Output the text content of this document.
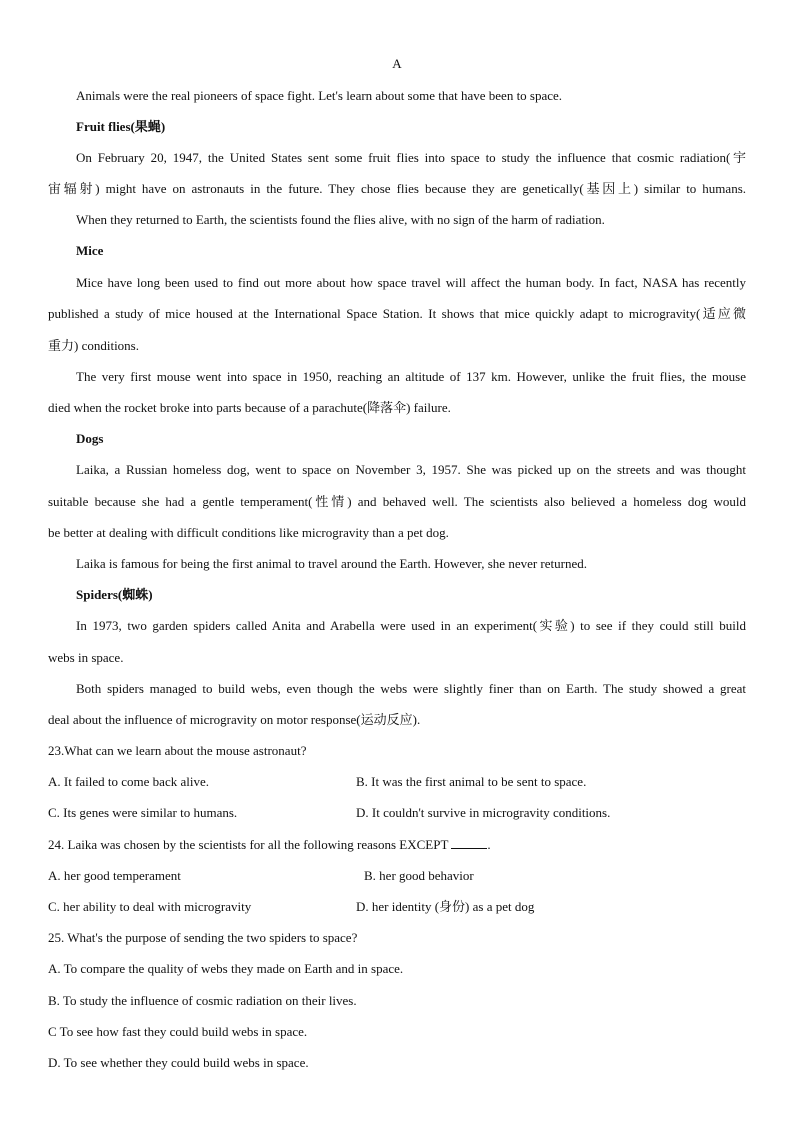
A
Animals were the real pioneers of space fight. Let's learn about some that have been to space.
Fruit flies(果蝇)
On February 20, 1947, the United States sent some fruit flies into space to study the influence that cosmic radiation(宇
宙辐射) might have on astronauts in the future. They chose flies because they are genetically(基因上) similar to humans.
When they returned to Earth, the scientists found the flies alive, with no sign of the harm of radiation.
Mice
Mice have long been used to find out more about how space travel will affect the human body. In fact, NASA has recently
published a study of mice housed at the International Space Station. It shows that mice quickly adapt to microgravity(适应微
重力) conditions.
The very first mouse went into space in 1950, reaching an altitude of 137 km. However, unlike the fruit flies, the mouse
died when the rocket broke into parts because of a parachute(降落伞) failure.
Dogs
Laika, a Russian homeless dog, went to space on November 3, 1957. She was picked up on the streets and was thought
suitable because she had a gentle temperament(性情) and behaved well. The scientists also believed a homeless dog would
be better at dealing with difficult conditions like microgravity than a pet dog.
Laika is famous for being the first animal to travel around the Earth. However, she never returned.
Spiders(蜘蛛)
In 1973, two garden spiders called Anita and Arabella were used in an experiment(实验) to see if they could still build
webs in space.
Both spiders managed to build webs, even though the webs were slightly finer than on Earth. The study showed a great
deal about the influence of microgravity on motor response(运动反应).
23.What can we learn about the mouse astronaut?
A. It failed to come back alive.	B. It was the first animal to be sent to space.
C. Its genes were similar to humans.	D. It couldn't survive in microgravity conditions.
24. Laika was chosen by the scientists for all the following reasons EXCEPT	.
A. her good temperament	B. her good behavior
C. her ability to deal with microgravity	D. her identity (身份) as a pet dog
25. What's the purpose of sending the two spiders to space?
A. To compare the quality of webs they made on Earth and in space.
B. To study the influence of cosmic radiation on their lives.
C To see how fast they could build webs in space.
D. To see whether they could build webs in space.
